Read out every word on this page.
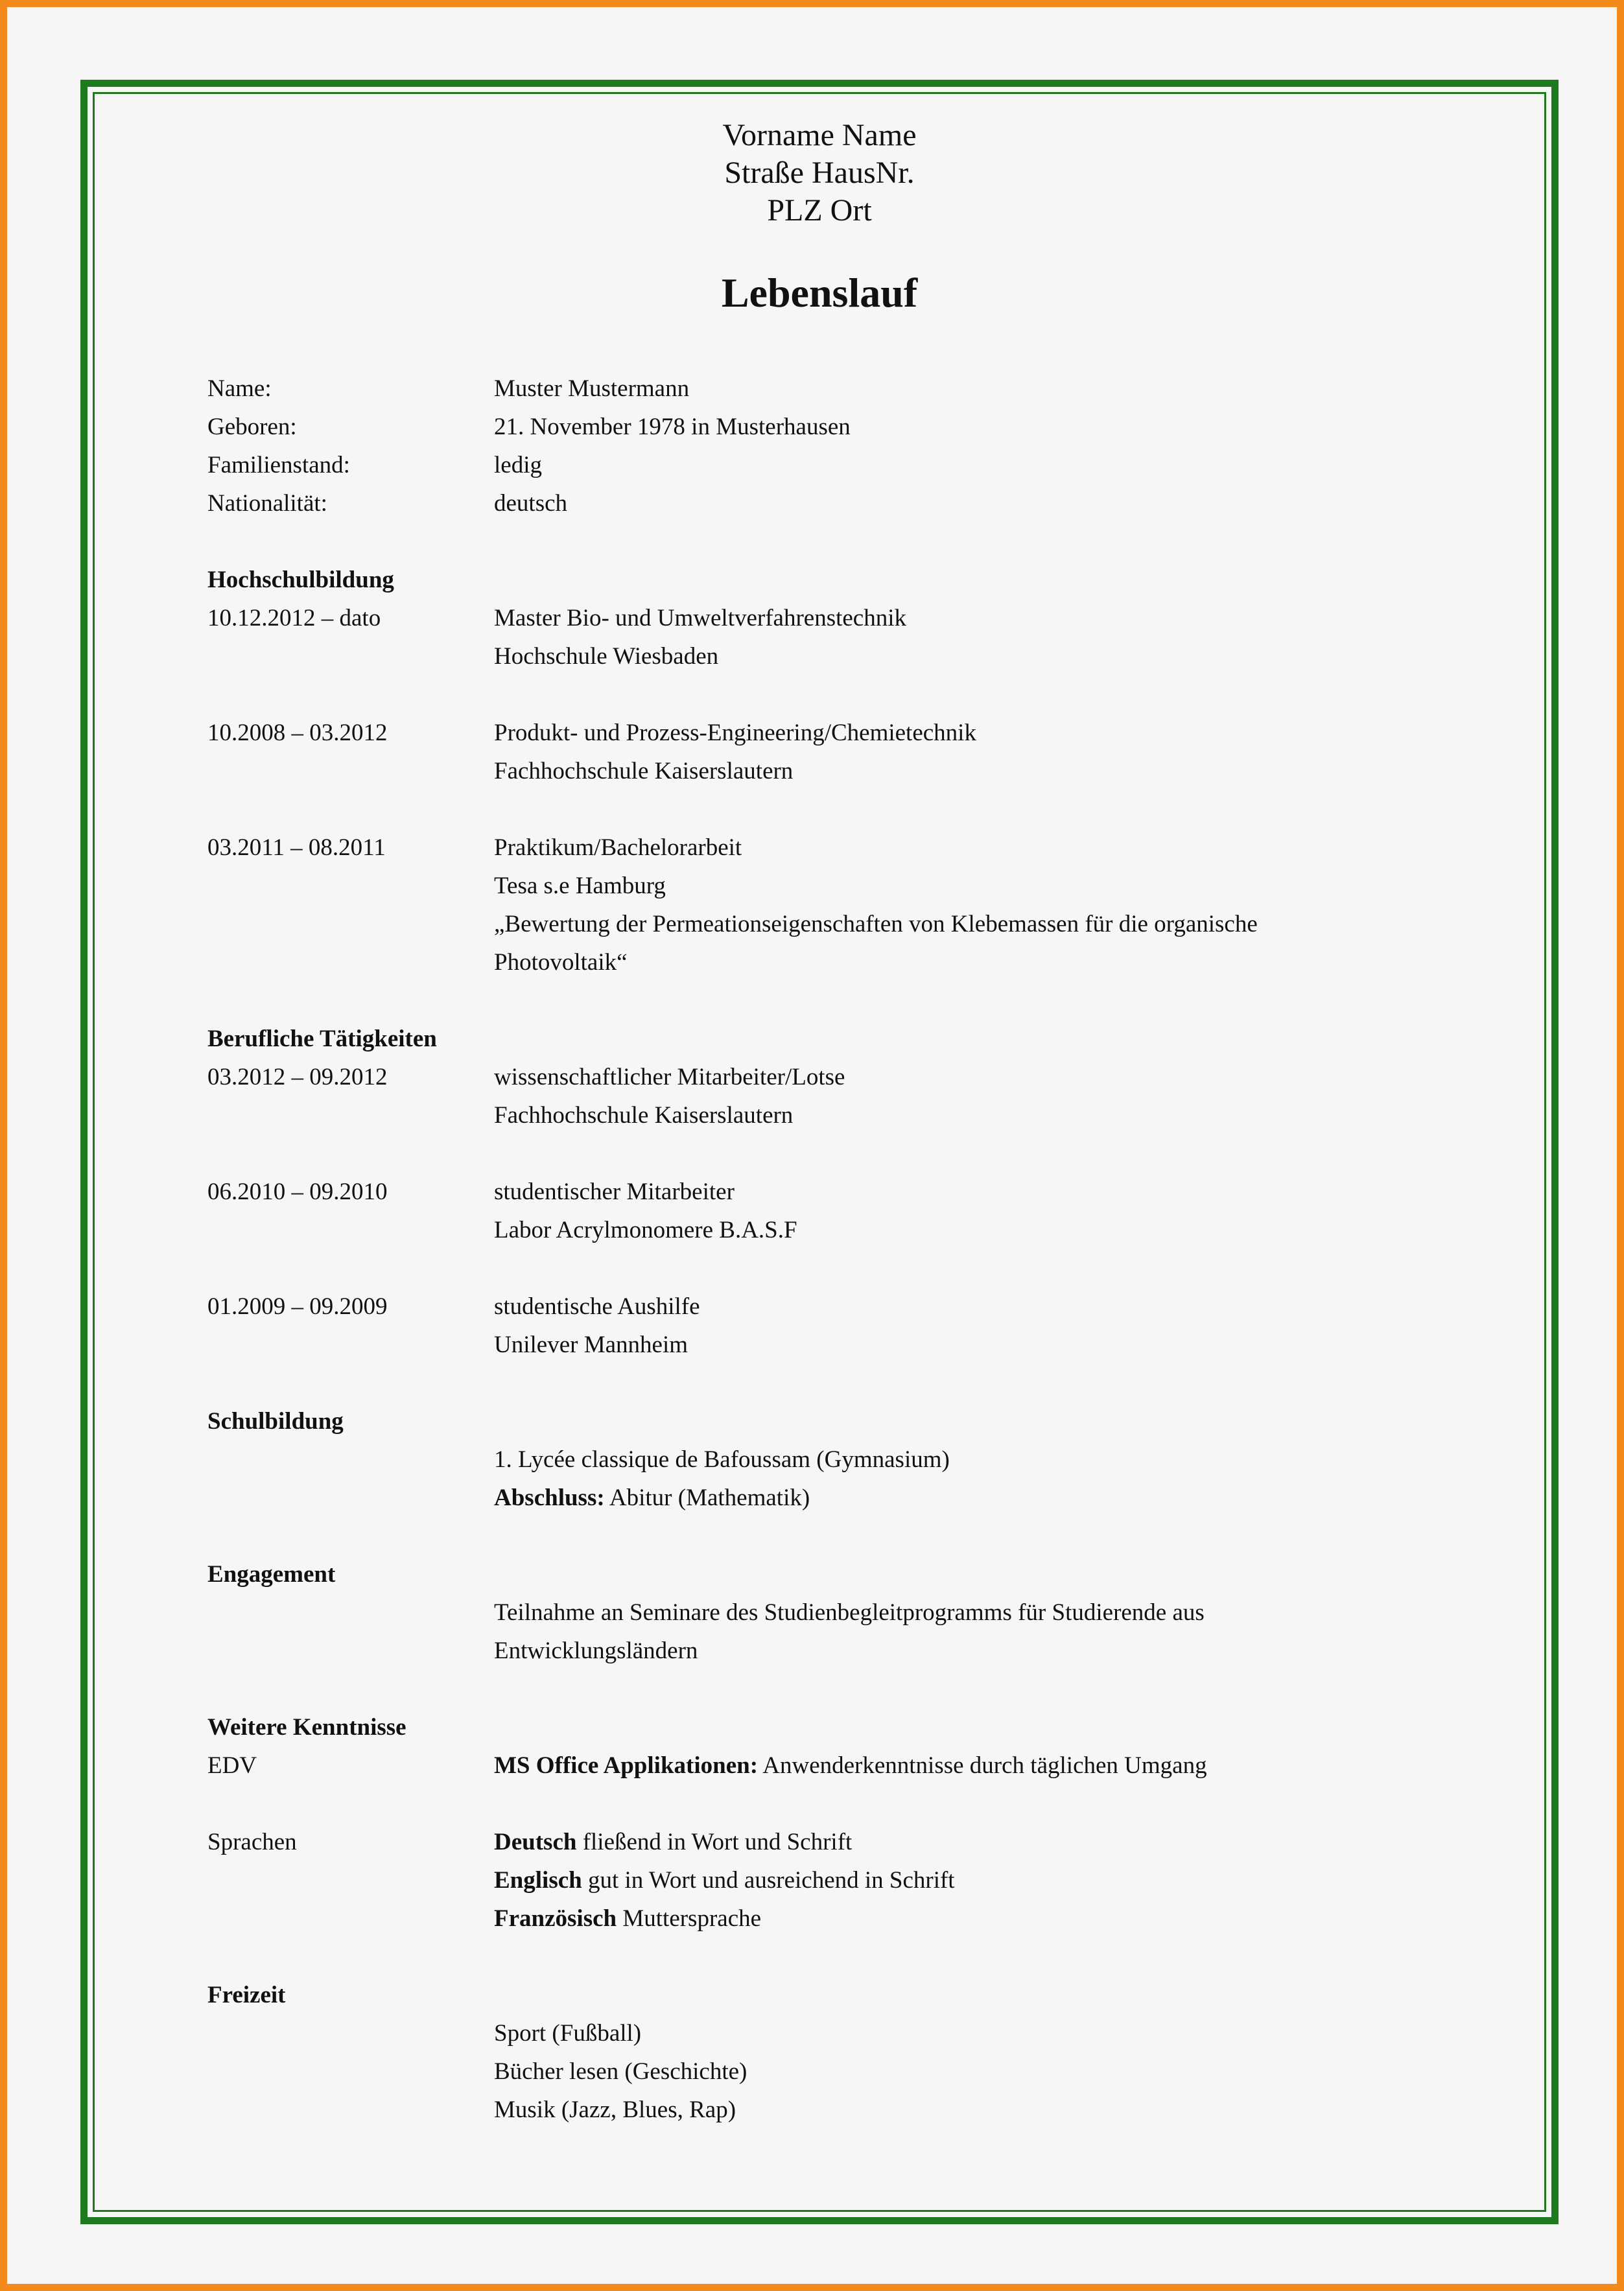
Vorname Name
Straße HausNr.
PLZ Ort
Lebenslauf
Name:	Muster Mustermann
Geboren:	21. November 1978 in Musterhausen
Familienstand:	ledig
Nationalität:	deutsch
Hochschulbildung
10.12.2012 – dato	Master Bio- und Umweltverfahrenstechnik
Hochschule Wiesbaden
10.2008 – 03.2012	Produkt- und Prozess-Engineering/Chemietechnik
Fachhochschule Kaiserslautern
03.2011 – 08.2011	Praktikum/Bachelorarbeit
Tesa s.e Hamburg
„Bewertung der Permeationseigenschaften von Klebemassen für die organische
Photovoltaik“
Berufliche Tätigkeiten
03.2012 – 09.2012	wissenschaftlicher Mitarbeiter/Lotse
Fachhochschule Kaiserslautern
06.2010 – 09.2010	studentischer Mitarbeiter
Labor Acrylmonomere B.A.S.F
01.2009 – 09.2009	studentische Aushilfe
Unilever Mannheim
Schulbildung
1. Lycée classique de Bafoussam (Gymnasium)
Abschluss: Abitur (Mathematik)
Engagement
Teilnahme an Seminare des Studienbegleitprogramms für Studierende aus
Entwicklungsländern
Weitere Kenntnisse
EDV	MS Office Applikationen: Anwenderkenntnisse durch täglichen Umgang
Sprachen	Deutsch fließend in Wort und Schrift
Englisch gut in Wort und ausreichend in Schrift
Französisch Muttersprache
Freizeit
Sport (Fußball)
Bücher lesen (Geschichte)
Musik (Jazz, Blues, Rap)
